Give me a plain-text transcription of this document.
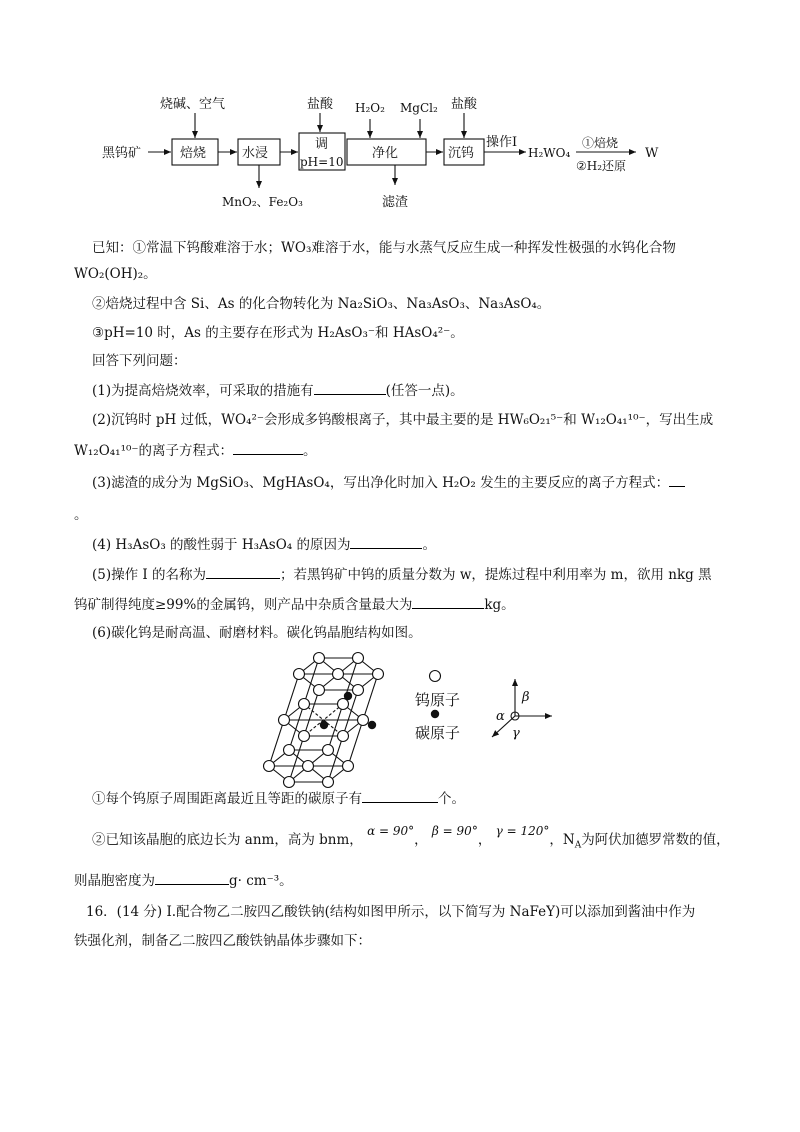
黑钨矿	焙烧	水浸
调
pH=10
净化	沉钨
烧碱、空气	盐酸 H₂O₂ MgCl₂ 盐酸
MnO₂、Fe₂O₃	滤渣
操作I
H₂WO₄
①焙烧
②H₂还原
W
已知：①常温下钨酸难溶于水；WO₃难溶于水，能与水蒸气反应生成一种挥发性极强的水钨化合物
WO₂(OH)₂。
②焙烧过程中含 Si、As 的化合物转化为 Na₂SiO₃、Na₃AsO₃、Na₃AsO₄。
③pH=10 时，As 的主要存在形式为 H₂AsO₃⁻和 HAsO₄²⁻。
回答下列问题：
(1)为提高焙烧效率，可采取的措施有	(任答一点)。
(2)沉钨时 pH 过低，WO₄²⁻会形成多钨酸根离子，其中最主要的是 HW₆O₂₁⁵⁻和 W₁₂O₄₁¹⁰⁻，写出生成
W₁₂O₄₁¹⁰⁻的离子方程式：	。
(3)滤渣的成分为 MgSiO₃、MgHAsO₄，写出净化时加入 H₂O₂ 发生的主要反应的离子方程式：
。
(4) H₃AsO₃ 的酸性弱于 H₃AsO₄ 的原因为	。
(5)操作 I 的名称为	；若黑钨矿中钨的质量分数为 w，提炼过程中利用率为 m，欲用 nkg 黑
钨矿制得纯度≥99%的金属钨，则产品中杂质含量最大为	kg。
(6)碳化钨是耐高温、耐磨材料。碳化钨晶胞结构如图。
钨原子
碳原子
β
α
γ
①每个钨原子周围距离最近且等距的碳原子有	个。
②已知该晶胞的底边长为 anm，高为 bnm， α = 90°， β = 90°， γ = 120°，$N_A$为阿伏加德罗常数的值，
则晶胞密度为	g· cm⁻³。
16．(14 分) Ⅰ.配合物乙二胺四乙酸铁钠(结构如图甲所示，以下简写为 NaFeY)可以添加到酱油中作为
铁强化剂，制备乙二胺四乙酸铁钠晶体步骤如下：
